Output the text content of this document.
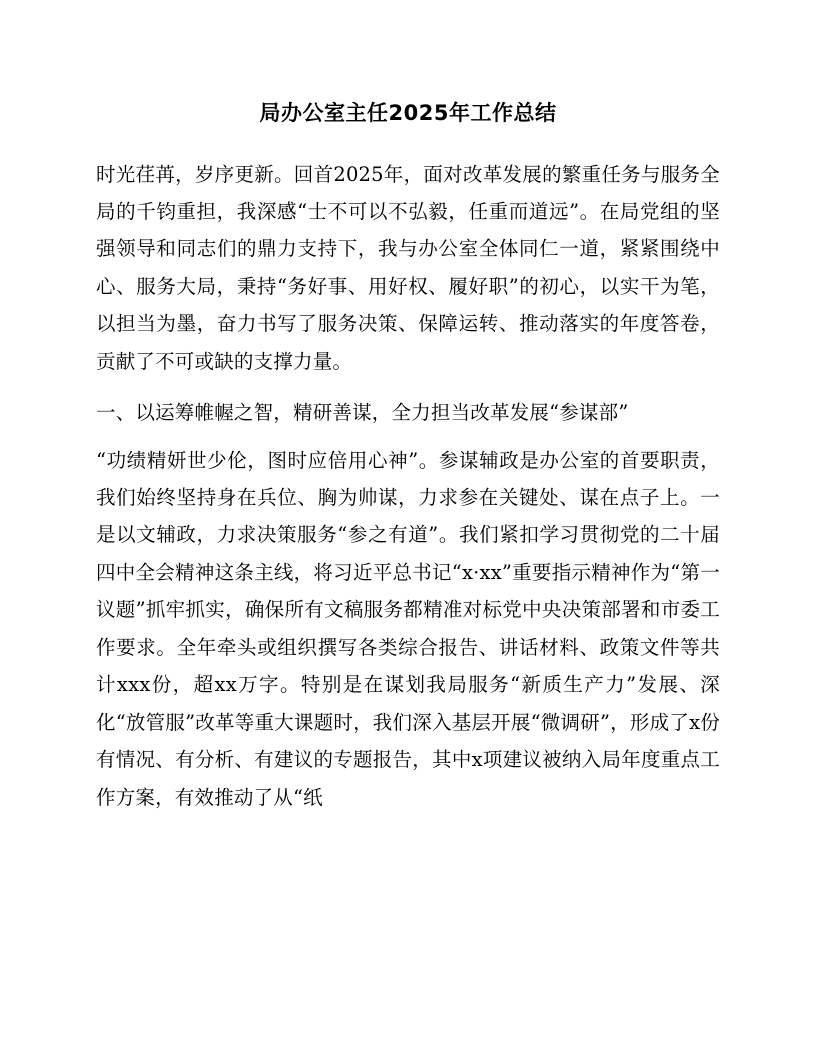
局办公室主任2025年工作总结

时光荏苒，岁序更新。回首2025年，面对改革发展的繁重任务与服务全局的千钧重担，我深感“士不可以不弘毅，任重而道远”。在局党组的坚强领导和同志们的鼎力支持下，我与办公室全体同仁一道，紧紧围绕中心、服务大局，秉持“务好事、用好权、履好职”的初心，以实干为笔，以担当为墨，奋力书写了服务决策、保障运转、推动落实的年度答卷，贡献了不可或缺的支撑力量。

一、以运筹帷幄之智，精研善谋，全力担当改革发展“参谋部”

“功绩精妍世少伦，图时应倍用心神”。参谋辅政是办公室的首要职责，我们始终坚持身在兵位、胸为帅谋，力求参在关键处、谋在点子上。一是以文辅政，力求决策服务“参之有道”。我们紧扣学习贯彻党的二十届四中全会精神这条主线，将习近平总书记“x·xx”重要指示精神作为“第一议题”抓牢抓实，确保所有文稿服务都精准对标党中央决策部署和市委工作要求。全年牵头或组织撰写各类综合报告、讲话材料、政策文件等共计xxx份，超xx万字。特别是在谋划我局服务“新质生产力”发展、深化“放管服”改革等重大课题时，我们深入基层开展“微调研”，形成了x份有情况、有分析、有建议的专题报告，其中x项建议被纳入局年度重点工作方案，有效推动了从“纸
